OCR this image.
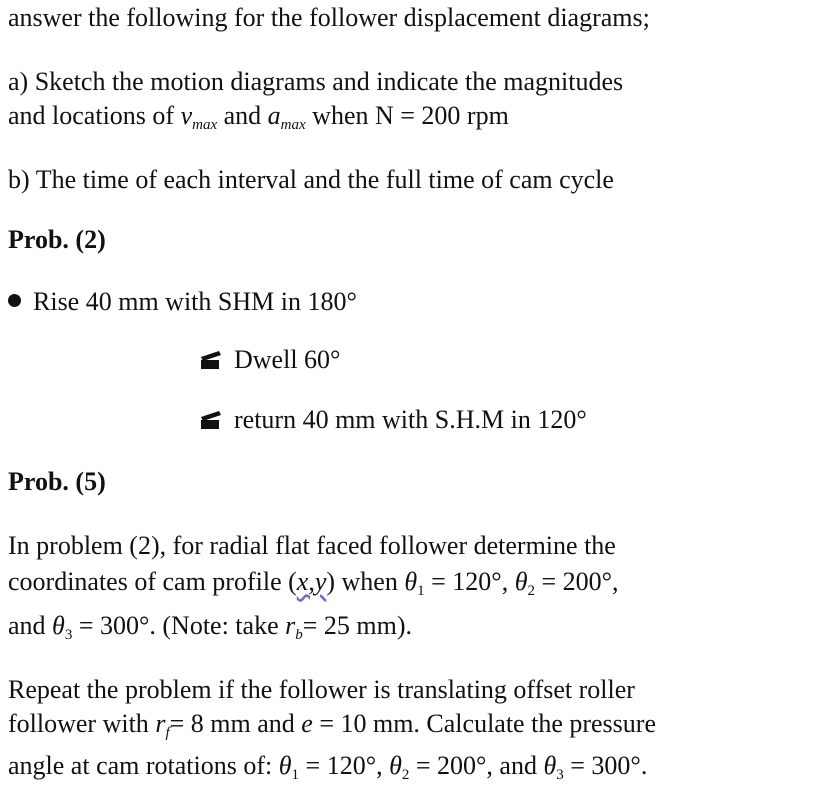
answer the following for the follower displacement diagrams;
a) Sketch the motion diagrams and indicate the magnitudes
and locations of $v_{max}$ and $a_{max}$ when N = 200 rpm
b) The time of each interval and the full time of cam cycle
Prob. (2)
Rise 40 mm with SHM in 180°
Dwell 60°
return 40 mm with S.H.M in 120°
Prob. (5)
In problem (2), for radial flat faced follower determine the
coordinates of cam profile (x,y) when θ1 = 120°, θ2 = 200°,
and θ3 = 300°. (Note: take $r_b= 25$ mm).
Repeat the problem if the follower is translating offset roller
follower with $r_f= 8$ mm and e = 10 mm. Calculate the pressure
angle at cam rotations of: θ1 = 120°, θ2 = 200°, and θ3 = 300°.
